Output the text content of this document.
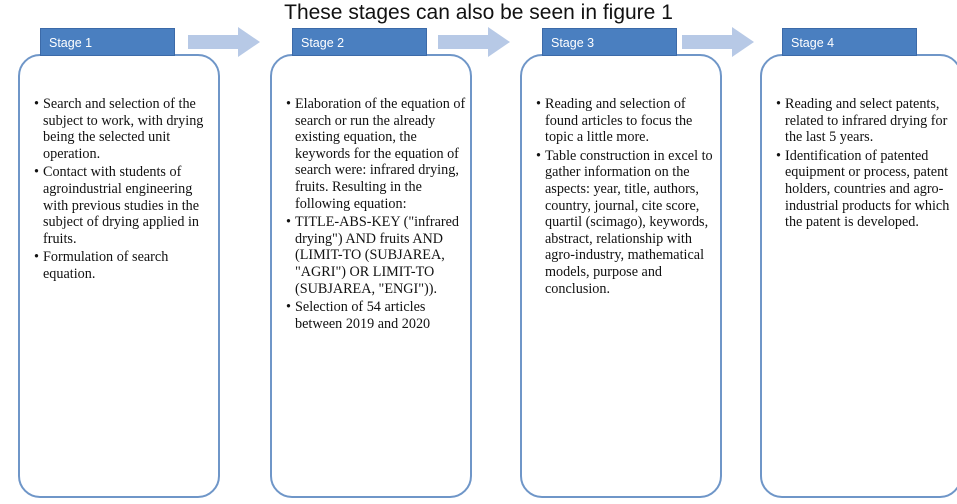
These stages can also be seen in figure 1
Stage 1
• Search and selection of the subject to work, with drying being the selected unit operation.
• Contact with students of agroindustrial engineering with previous studies in the subject of drying applied in fruits.
• Formulation of search equation.
Stage 2
• Elaboration of the equation of search or run the already existing equation, the keywords for the equation of search were: infrared drying, fruits. Resulting in the following equation:
• TITLE-ABS-KEY ("infrared drying") AND fruits AND (LIMIT-TO (SUBJAREA, "AGRI") OR LIMIT-TO (SUBJAREA, "ENGI")).
• Selection of 54 articles between 2019 and 2020
Stage 3
• Reading and selection of found articles to focus the topic a little more.
• Table construction in excel to gather information on the aspects: year, title, authors, country, journal, cite score, quartil (scimago), keywords, abstract, relationship with agro-industry, mathematical models, purpose and conclusion.
Stage 4
• Reading and select patents, related to infrared drying for the last 5 years.
• Identification of patented equipment or process, patent holders, countries and agro-industrial products for which the patent is developed.
